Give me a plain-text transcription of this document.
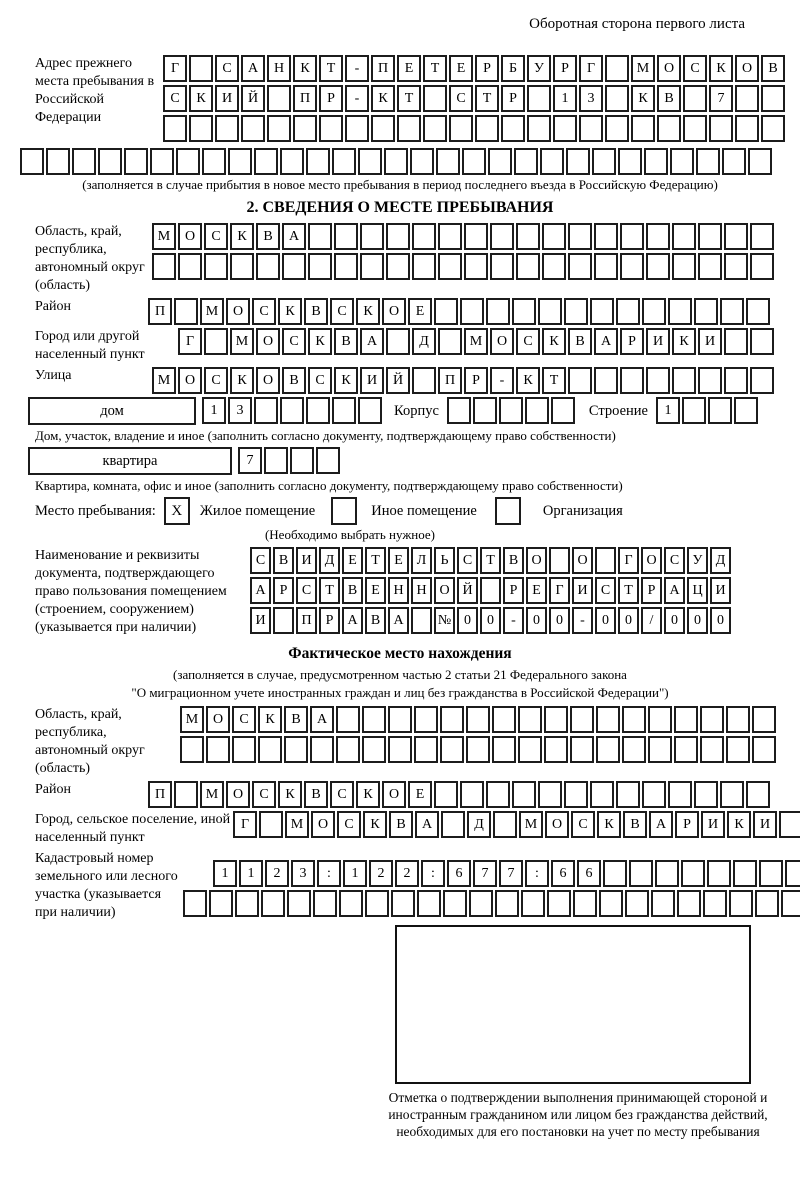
Оборотная сторона первого листа
Адрес прежнего места пребывания в Российской Федерации
Г	С А Н К Т - П Е Т Е Р Б У Р Г	М О С К О В
С К И Й	П Р - К Т	С Т Р	1 3	К В	7
(заполняется в случае прибытия в новое место пребывания в период последнего въезда в Российскую Федерацию)
2. СВЕДЕНИЯ О МЕСТЕ ПРЕБЫВАНИЯ
Область, край, республика, автономный округ (область)
М О С К В А
Район	П	М О С К В С К О Е
Город или другой населенный пункт
Г	М О С К В А	Д	М О С К В А Р И К И
Улица	М О С К О В С К И Й	П Р - К Т
дом	1 3	Корпус	Строение	1
Дом, участок, владение и иное (заполнить согласно документу, подтверждающему право собственности)
квартира	7
Квартира, комната, офис и иное (заполнить согласно документу, подтверждающему право собственности)
Место пребывания:	X	Жилое помещение	Иное помещение	Организация
(Необходимо выбрать нужное)
Наименование и реквизиты документа, подтверждающего право пользования помещением (строением, сооружением) (указывается при наличии)
С В И Д Е Т Е Л Ь С Т В О	О	Г О С У Д
А Р С Т В Е Н Н О Й	Р Е Г И С Т Р А Ц И
И	П Р А В А № 0 0 - 0 0 - 0 0 / 0 0 0
Фактическое место нахождения
(заполняется в случае, предусмотренном частью 2 статьи 21 Федерального закона
"О миграционном учете иностранных граждан и лиц без гражданства в Российской Федерации")
Область, край, республика, автономный округ (область)
М О С К В А
Район	П	М О С К В С К О Е
Город, сельское поселение, иной населенный пункт
Г	М О С К В А	Д	М О С К В А Р И К И
Кадастровый номер земельного или лесного участка (указывается при наличии)
1 1 2 3 : 1 2 2 : 6 7 7 : 6 6
Отметка о подтверждении выполнения принимающей стороной и иностранным гражданином или лицом без гражданства действий, необходимых для его постановки на учет по месту пребывания
